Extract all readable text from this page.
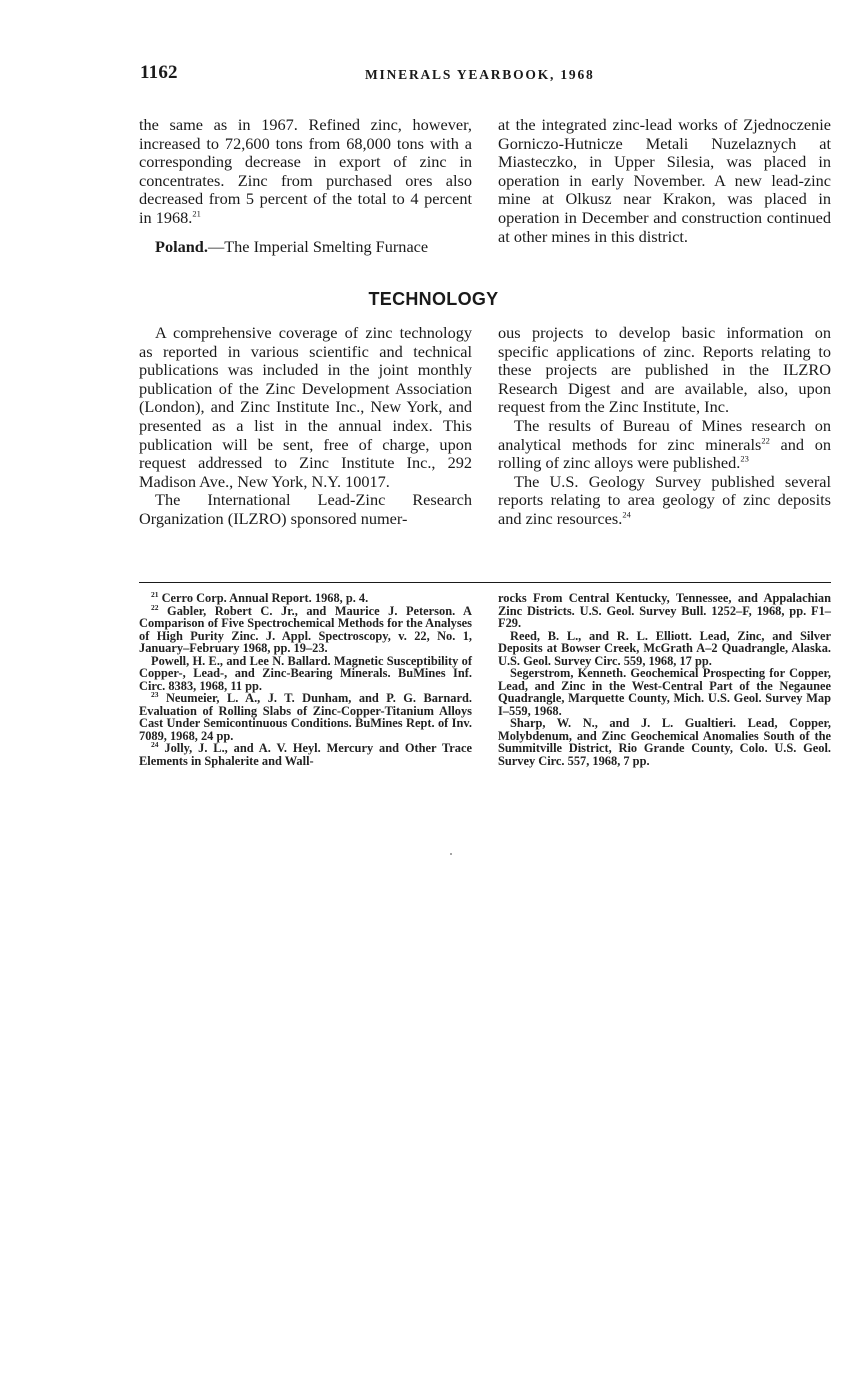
1162	MINERALS YEARBOOK, 1968

the same as in 1967. Refined zinc, however, increased to 72,600 tons from 68,000 tons with a corresponding decrease in export of zinc in concentrates. Zinc from purchased ores also decreased from 5 percent of the total to 4 percent in 1968.21

Poland.—The Imperial Smelting Furnace

at the integrated zinc-lead works of Zjednoczenie Gorniczo-Hutnicze Metali Nuzelaznych at Miasteczko, in Upper Silesia, was placed in operation in early November. A new lead-zinc mine at Olkusz near Krakon, was placed in operation in December and construction continued at other mines in this district.

TECHNOLOGY

A comprehensive coverage of zinc technology as reported in various scientific and technical publications was included in the joint monthly publication of the Zinc Development Association (London), and Zinc Institute Inc., New York, and presented as a list in the annual index. This publication will be sent, free of charge, upon request addressed to Zinc Institute Inc., 292 Madison Ave., New York, N.Y. 10017.

The International Lead-Zinc Research Organization (ILZRO) sponsored numer-

ous projects to develop basic information on specific applications of zinc. Reports relating to these projects are published in the ILZRO Research Digest and are available, also, upon request from the Zinc Institute, Inc.

The results of Bureau of Mines research on analytical methods for zinc minerals$^{22}$ and on rolling of zinc alloys were published.$^{23}$

The U.S. Geology Survey published several reports relating to area geology of zinc deposits and zinc resources.$^{24}$

$^{21}$ Cerro Corp. Annual Report. 1968, p. 4.

$^{22}$ Gabler, Robert C. Jr., and Maurice J. Peterson. A Comparison of Five Spectrochemical Methods for the Analyses of High Purity Zinc. J. Appl. Spectroscopy, v. 22, No. 1, January–February 1968, pp. 19–23.

Powell, H. E., and Lee N. Ballard. Magnetic Susceptibility of Copper-, Lead-, and Zinc-Bearing Minerals. BuMines Inf. Circ. 8383, 1968, 11 pp.

$^{23}$ Neumeier, L. A., J. T. Dunham, and P. G. Barnard. Evaluation of Rolling Slabs of Zinc-Copper-Titanium Alloys Cast Under Semicontinuous Conditions. BuMines Rept. of Inv. 7089, 1968, 24 pp.

$^{24}$ Jolly, J. L., and A. V. Heyl. Mercury and Other Trace Elements in Sphalerite and Wall-

rocks From Central Kentucky, Tennessee, and Appalachian Zinc Districts. U.S. Geol. Survey Bull. 1252–F, 1968, pp. F1–F29.

Reed, B. L., and R. L. Elliott. Lead, Zinc, and Silver Deposits at Bowser Creek, McGrath A–2 Quadrangle, Alaska. U.S. Geol. Survey Circ. 559, 1968, 17 pp.

Segerstrom, Kenneth. Geochemical Prospecting for Copper, Lead, and Zinc in the West-Central Part of the Negaunee Quadrangle, Marquette County, Mich. U.S. Geol. Survey Map I–559, 1968.

Sharp, W. N., and J. L. Gualtieri. Lead, Copper, Molybdenum, and Zinc Geochemical Anomalies South of the Summitville District, Rio Grande County, Colo. U.S. Geol. Survey Circ. 557, 1968, 7 pp.
